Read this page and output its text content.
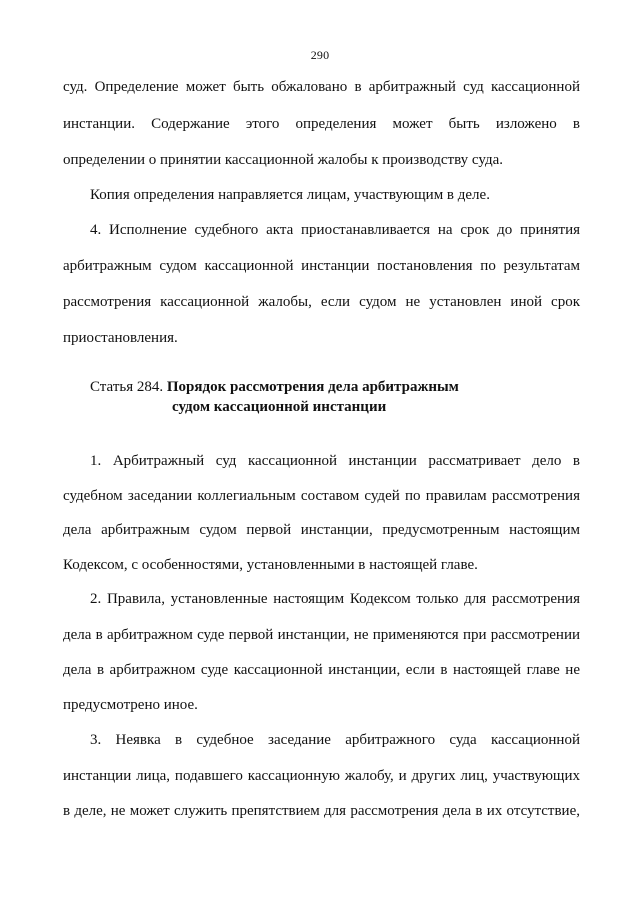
290
суд. Определение может быть обжаловано в арбитражный суд кассационной
инстанции. Содержание этого определения может быть изложено в
определении о принятии кассационной жалобы к производству суда.
Копия определения направляется лицам, участвующим в деле.
4. Исполнение судебного акта приостанавливается на срок до принятия
арбитражным судом кассационной инстанции постановления по результатам
рассмотрения кассационной жалобы, если судом не установлен иной срок
приостановления.
Статья 284. Порядок рассмотрения дела арбитражным
судом кассационной инстанции
1. Арбитражный суд кассационной инстанции рассматривает дело в
судебном заседании коллегиальным составом судей по правилам рассмотрения
дела арбитражным судом первой инстанции, предусмотренным настоящим
Кодексом, с особенностями, установленными в настоящей главе.
2. Правила, установленные настоящим Кодексом только для рассмотрения
дела в арбитражном суде первой инстанции, не применяются при рассмотрении
дела в арбитражном суде кассационной инстанции, если в настоящей главе не
предусмотрено иное.
3. Неявка в судебное заседание арбитражного суда кассационной
инстанции лица, подавшего кассационную жалобу, и других лиц, участвующих
в деле, не может служить препятствием для рассмотрения дела в их отсутствие,
